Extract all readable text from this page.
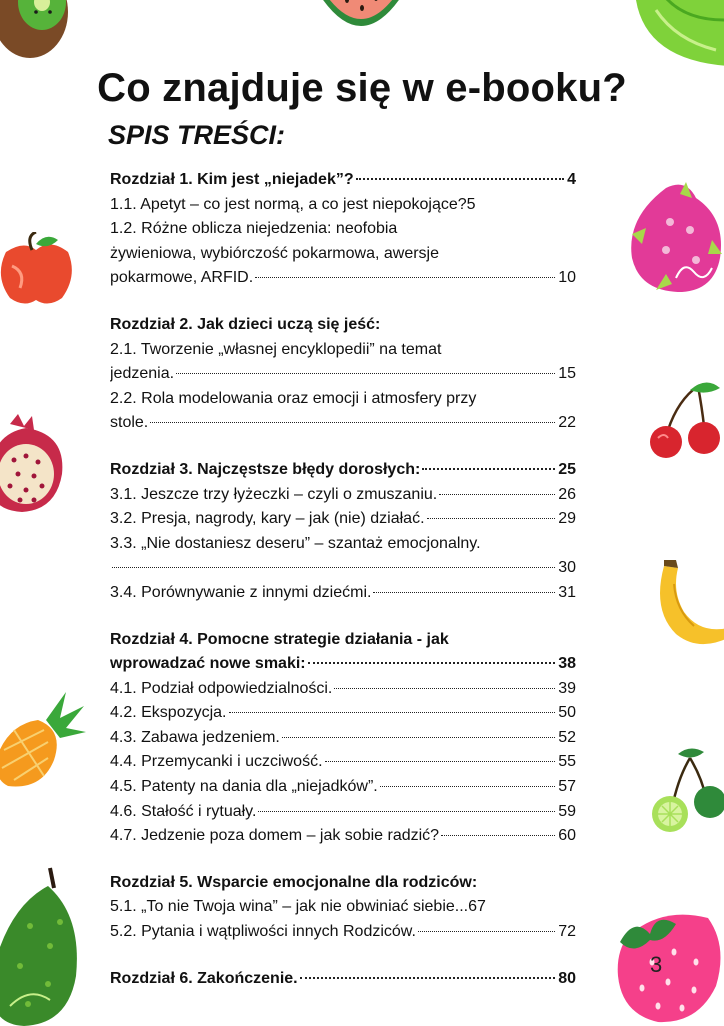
Co znajduje się w e-booku?
SPIS TREŚCI:
Rozdział 1. Kim jest „niejadek”?	4
1.1. Apetyt – co jest normą, a co jest niepokojące? 5
1.2. Różne oblicza niejedzenia: neofobia
żywieniowa, wybiórczość pokarmowa, awersje
pokarmowe, ARFID.	10
Rozdział 2. Jak dzieci uczą się jeść:
2.1. Tworzenie „własnej encyklopedii” na temat
jedzenia.	15
2.2. Rola modelowania oraz emocji i atmosfery przy
stole.	22
Rozdział 3. Najczęstsze błędy dorosłych:	25
3.1. Jeszcze trzy łyżeczki – czyli o zmuszaniu.	26
3.2. Presja, nagrody, kary – jak (nie) działać.	29
3.3. „Nie dostaniesz deseru” – szantaż emocjonalny.
30
3.4. Porównywanie z innymi dziećmi.	31
Rozdział 4. Pomocne strategie działania - jak
wprowadzać nowe smaki:	38
4.1. Podział odpowiedzialności.	39
4.2. Ekspozycja.	50
4.3. Zabawa jedzeniem.	52
4.4. Przemycanki i uczciwość.	55
4.5. Patenty na dania dla „niejadków”.	57
4.6. Stałość i rytuały.	59
4.7. Jedzenie poza domem – jak sobie radzić?	60
Rozdział 5. Wsparcie emocjonalne dla rodziców:
5.1. „To nie Twoja wina” – jak nie obwiniać siebie... 67
5.2. Pytania i wątpliwości innych Rodziców.	72
Rozdział 6. Zakończenie.	80
3
